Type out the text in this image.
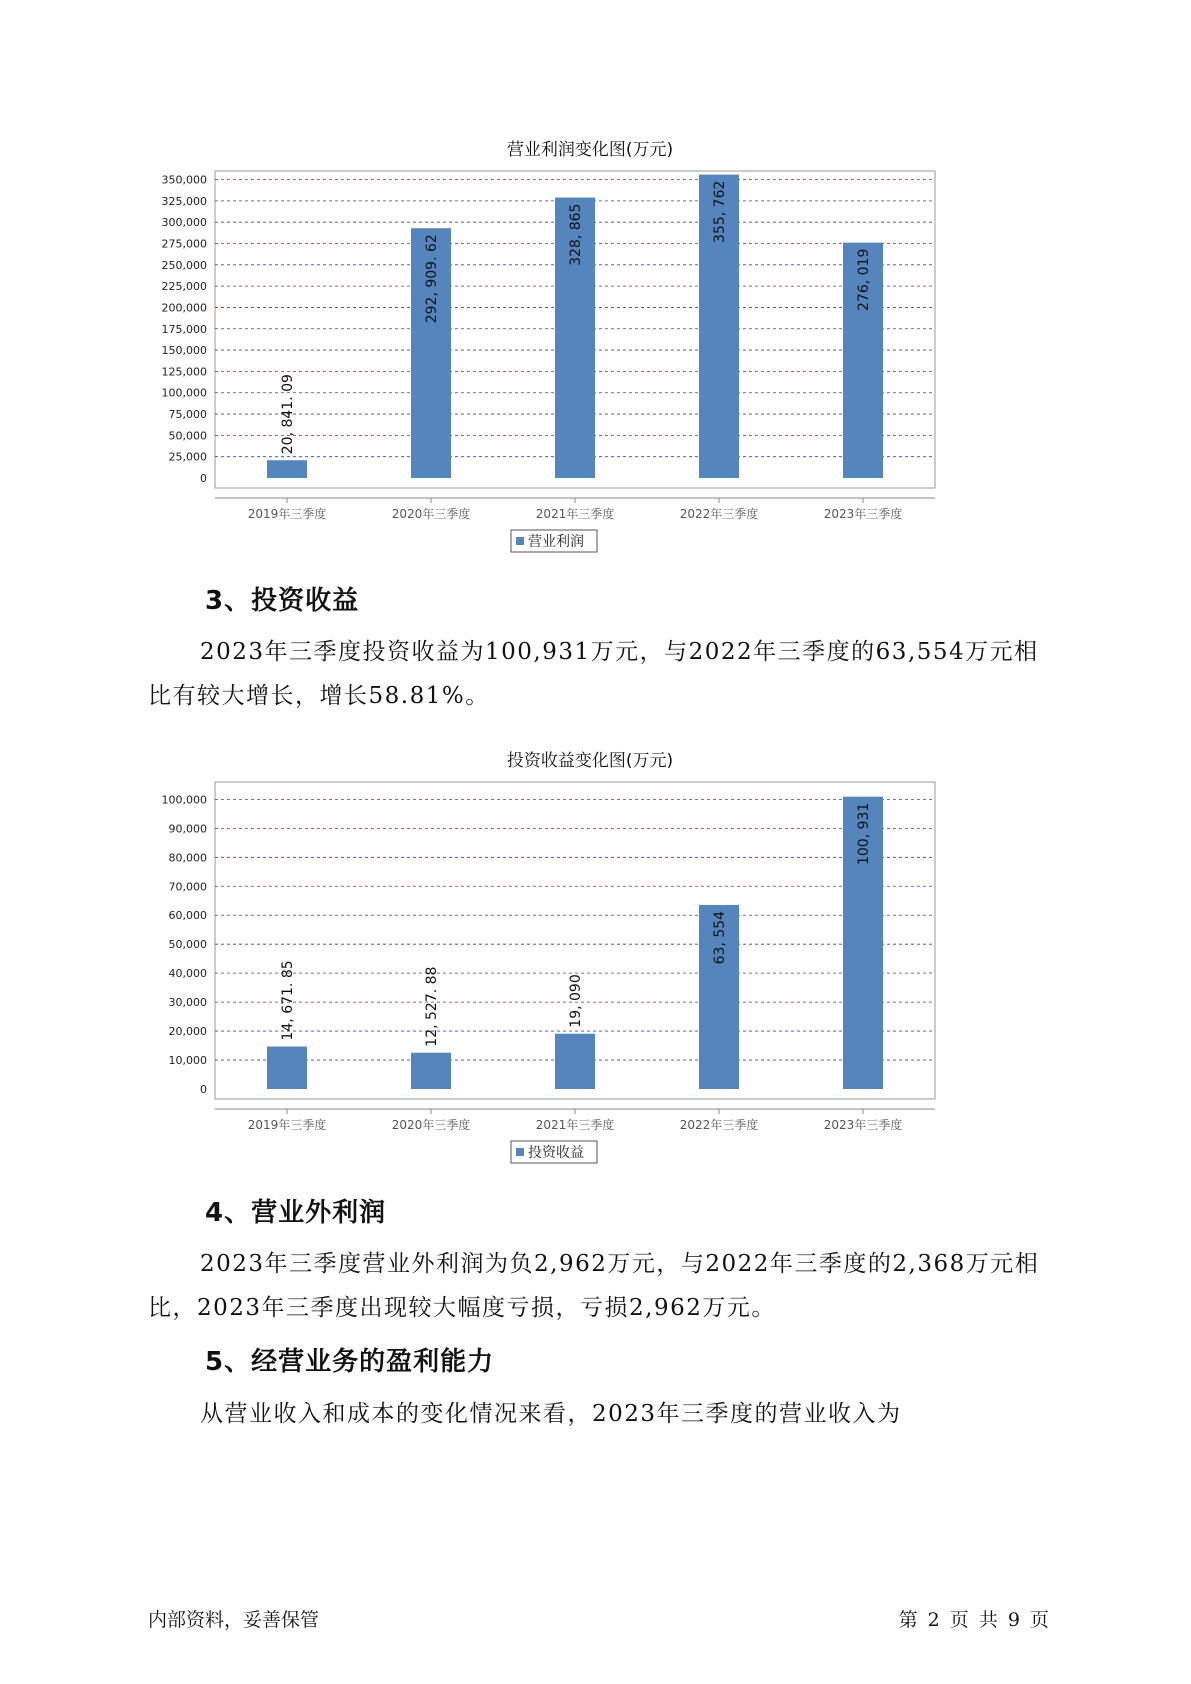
营业利润变化图(万元)
0
25,000
50,000
75,000
100,000
125,000
150,000
175,000
200,000
225,000
250,000
275,000
300,000
325,000
350,000
2019年三季度
20, 841. 09
2020年三季度
292, 909. 62
2021年三季度
328, 865
2022年三季度
355, 762
2023年三季度
276, 019
营业利润
3、投资收益
2023年三季度投资收益为100,931万元，与2022年三季度的63,554万元相比有较大增长，增长58.81%。
投资收益变化图(万元)
0
10,000
20,000
30,000
40,000
50,000
60,000
70,000
80,000
90,000
100,000
2019年三季度
14, 671. 85
2020年三季度
12, 527. 88
2021年三季度
19, 090
2022年三季度
63, 554
2023年三季度
100, 931
投资收益
4、营业外利润
2023年三季度营业外利润为负2,962万元，与2022年三季度的2,368万元相比，2023年三季度出现较大幅度亏损，亏损2,962万元。
5、经营业务的盈利能力
从营业收入和成本的变化情况来看，2023年三季度的营业收入为
内部资料，妥善保管	第 2 页 共 9 页
